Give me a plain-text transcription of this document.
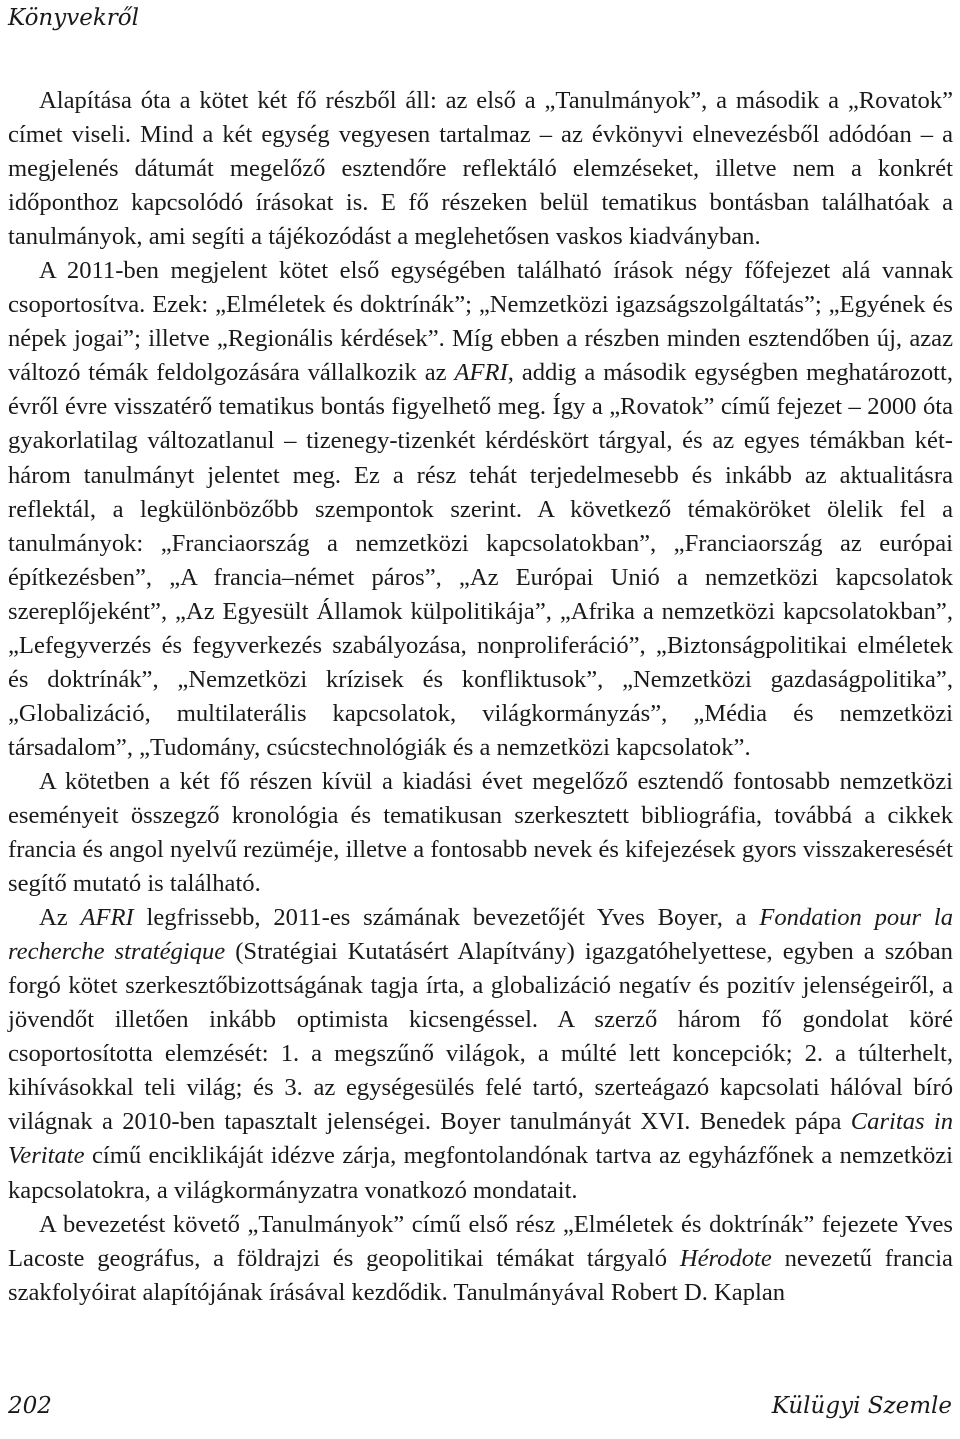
Könyvekről

Alapítása óta a kötet két fő részből áll: az első a „Tanulmányok”, a második a „Rovatok” címet viseli. Mind a két egység vegyesen tartalmaz – az évkönyvi elnevezésből adódóan – a megjelenés dátumát megelőző esztendőre reflektáló elemzéseket, illetve nem a konkrét időponthoz kapcsolódó írásokat is. E fő részeken belül tematikus bontásban találhatóak a tanulmányok, ami segíti a tájékozódást a meglehetősen vaskos kiadványban.

A 2011-ben megjelent kötet első egységében található írások négy főfejezet alá vannak csoportosítva. Ezek: „Elméletek és doktrínák”; „Nemzetközi igazságszolgáltatás”; „Egyének és népek jogai”; illetve „Regionális kérdések”. Míg ebben a részben minden esztendőben új, azaz változó témák feldolgozására vállalkozik az AFRI, addig a második egységben meghatározott, évről évre visszatérő tematikus bontás figyelhető meg. Így a „Rovatok” című fejezet – 2000 óta gyakorlatilag változatlanul – tizenegy-tizenkét kérdéskört tárgyal, és az egyes témákban két-három tanulmányt jelentet meg. Ez a rész tehát terjedelmesebb és inkább az aktualitásra reflektál, a legkülönbözőbb szempontok szerint. A következő témaköröket ölelik fel a tanulmányok: „Franciaország a nemzetközi kapcsolatokban”, „Franciaország az európai építkezésben”, „A francia–német páros”, „Az Európai Unió a nemzetközi kapcsolatok szereplőjeként”, „Az Egyesült Államok külpolitikája”, „Afrika a nemzetközi kapcsolatokban”, „Lefegyverzés és fegyverkezés szabályozása, nonproliferáció”, „Biztonságpolitikai elméletek és doktrínák”, „Nemzetközi krízisek és konfliktusok”, „Nemzetközi gazdaságpolitika”, „Globalizáció, multilaterális kapcsolatok, világkormányzás”, „Média és nemzetközi társadalom”, „Tudomány, csúcstechnológiák és a nemzetközi kapcsolatok”.

A kötetben a két fő részen kívül a kiadási évet megelőző esztendő fontosabb nemzetközi eseményeit összegző kronológia és tematikusan szerkesztett bibliográfia, továbbá a cikkek francia és angol nyelvű rezüméje, illetve a fontosabb nevek és kifejezések gyors visszakeresését segítő mutató is található.

Az AFRI legfrissebb, 2011-es számának bevezetőjét Yves Boyer, a Fondation pour la recherche stratégique (Stratégiai Kutatásért Alapítvány) igazgatóhelyettese, egyben a szóban forgó kötet szerkesztőbizottságának tagja írta, a globalizáció negatív és pozitív jelenségeiről, a jövendőt illetően inkább optimista kicsengéssel. A szerző három fő gondolat köré csoportosította elemzését: 1. a megszűnő világok, a múlté lett koncepciók; 2. a túlterhelt, kihívásokkal teli világ; és 3. az egységesülés felé tartó, szerteágazó kapcsolati hálóval bíró világnak a 2010-ben tapasztalt jelenségei. Boyer tanulmányát XVI. Benedek pápa Caritas in Veritate című enciklikáját idézve zárja, megfontolandónak tartva az egyházfőnek a nemzetközi kapcsolatokra, a világkormányzatra vonatkozó mondatait.

A bevezetést követő „Tanulmányok” című első rész „Elméletek és doktrínák” fejezete Yves Lacoste geográfus, a földrajzi és geopolitikai témákat tárgyaló Hérodote nevezetű francia szakfolyóirat alapítójának írásával kezdődik. Tanulmányával Robert D. Kaplan

202	Külügyi Szemle
